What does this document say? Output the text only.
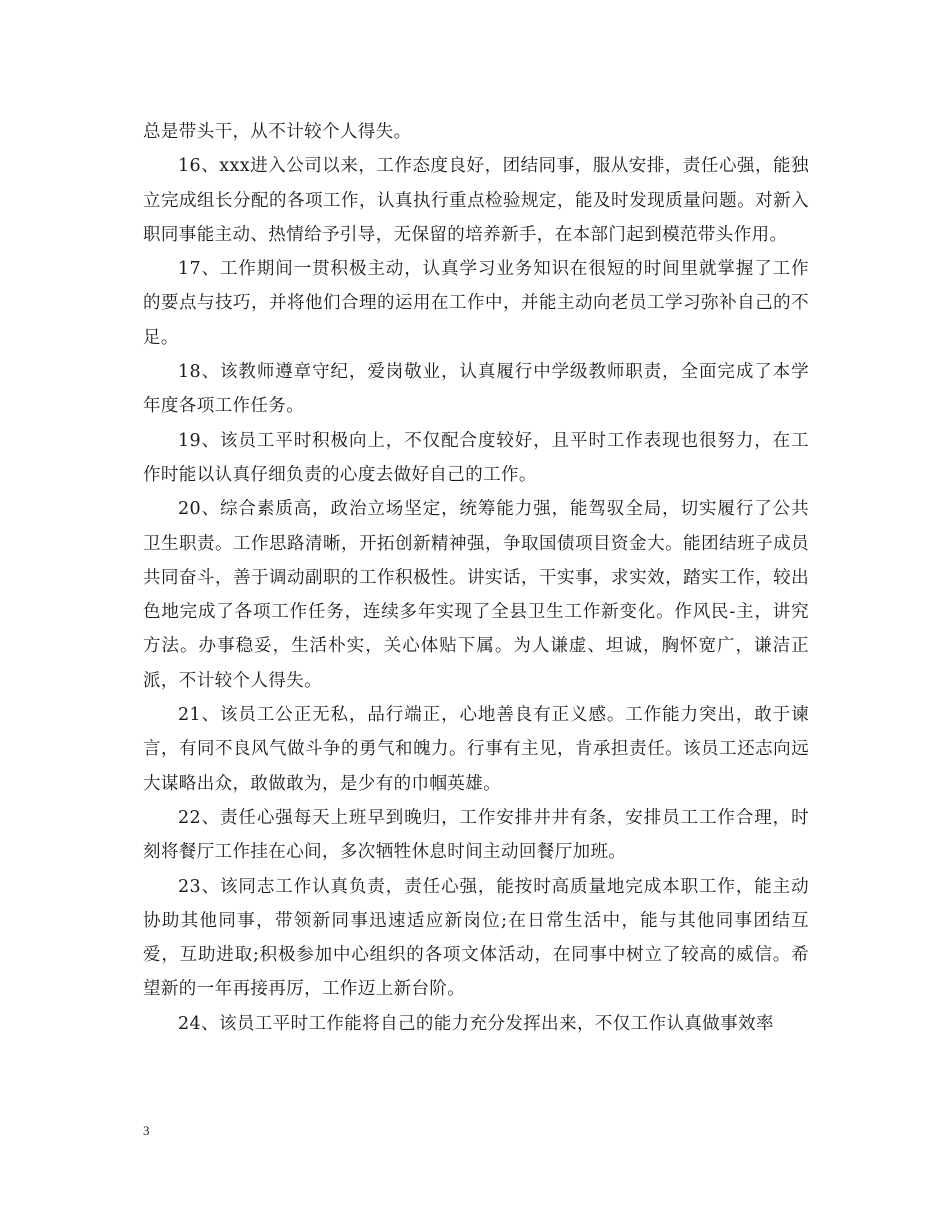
总是带头干，从不计较个人得失。

16、xxx进入公司以来，工作态度良好，团结同事，服从安排，责任心强，能独立完成组长分配的各项工作，认真执行重点检验规定，能及时发现质量问题。对新入职同事能主动、热情给予引导，无保留的培养新手，在本部门起到模范带头作用。

17、工作期间一贯积极主动，认真学习业务知识在很短的时间里就掌握了工作的要点与技巧，并将他们合理的运用在工作中，并能主动向老员工学习弥补自己的不足。

18、该教师遵章守纪，爱岗敬业，认真履行中学级教师职责，全面完成了本学年度各项工作任务。

19、该员工平时积极向上，不仅配合度较好，且平时工作表现也很努力，在工作时能以认真仔细负责的心度去做好自己的工作。

20、综合素质高，政治立场坚定，统筹能力强，能驾驭全局，切实履行了公共卫生职责。工作思路清晰，开拓创新精神强，争取国债项目资金大。能团结班子成员共同奋斗，善于调动副职的工作积极性。讲实话，干实事，求实效，踏实工作，较出色地完成了各项工作任务，连续多年实现了全县卫生工作新变化。作风民-主，讲究方法。办事稳妥，生活朴实，关心体贴下属。为人谦虚、坦诚，胸怀宽广，谦洁正派，不计较个人得失。

21、该员工公正无私，品行端正，心地善良有正义感。工作能力突出，敢于谏言，有同不良风气做斗争的勇气和魄力。行事有主见，肯承担责任。该员工还志向远大谋略出众，敢做敢为，是少有的巾帼英雄。

22、责任心强每天上班早到晚归，工作安排井井有条，安排员工工作合理，时刻将餐厅工作挂在心间，多次牺牲休息时间主动回餐厅加班。

23、该同志工作认真负责，责任心强，能按时高质量地完成本职工作，能主动协助其他同事，带领新同事迅速适应新岗位;在日常生活中，能与其他同事团结互爱，互助进取;积极参加中心组织的各项文体活动，在同事中树立了较高的威信。希望新的一年再接再厉，工作迈上新台阶。

24、该员工平时工作能将自己的能力充分发挥出来，不仅工作认真做事效率

3
